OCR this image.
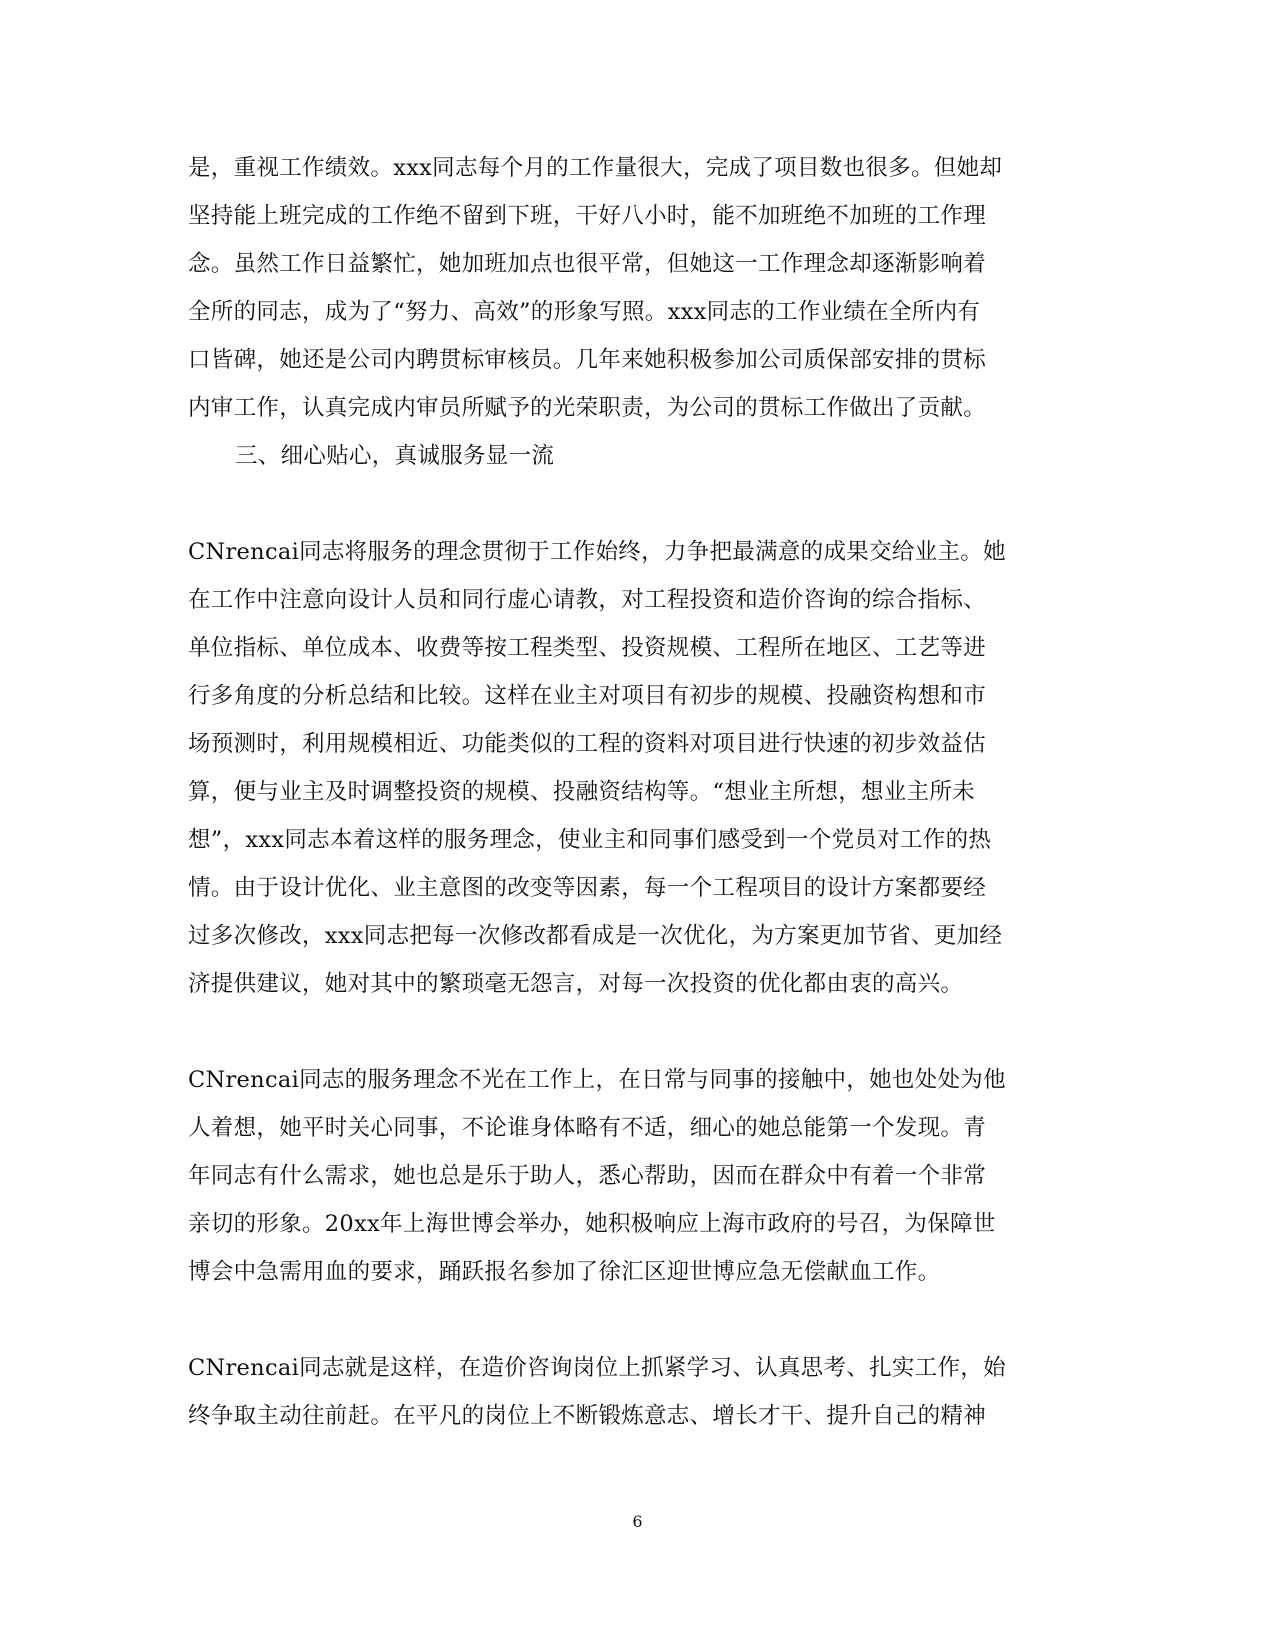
是，重视工作绩效。xxx同志每个月的工作量很大，完成了项目数也很多。但她却
坚持能上班完成的工作绝不留到下班，干好八小时，能不加班绝不加班的工作理
念。虽然工作日益繁忙，她加班加点也很平常，但她这一工作理念却逐渐影响着
全所的同志，成为了“努力、高效”的形象写照。xxx同志的工作业绩在全所内有
口皆碑，她还是公司内聘贯标审核员。几年来她积极参加公司质保部安排的贯标
内审工作，认真完成内审员所赋予的光荣职责，为公司的贯标工作做出了贡献。
三、细心贴心，真诚服务显一流
CNrencai同志将服务的理念贯彻于工作始终，力争把最满意的成果交给业主。她
在工作中注意向设计人员和同行虚心请教，对工程投资和造价咨询的综合指标、
单位指标、单位成本、收费等按工程类型、投资规模、工程所在地区、工艺等进
行多角度的分析总结和比较。这样在业主对项目有初步的规模、投融资构想和市
场预测时，利用规模相近、功能类似的工程的资料对项目进行快速的初步效益估
算，便与业主及时调整投资的规模、投融资结构等。“想业主所想，想业主所未
想”，xxx同志本着这样的服务理念，使业主和同事们感受到一个党员对工作的热
情。由于设计优化、业主意图的改变等因素，每一个工程项目的设计方案都要经
过多次修改，xxx同志把每一次修改都看成是一次优化，为方案更加节省、更加经
济提供建议，她对其中的繁琐毫无怨言，对每一次投资的优化都由衷的高兴。
CNrencai同志的服务理念不光在工作上，在日常与同事的接触中，她也处处为他
人着想，她平时关心同事，不论谁身体略有不适，细心的她总能第一个发现。青
年同志有什么需求，她也总是乐于助人，悉心帮助，因而在群众中有着一个非常
亲切的形象。20xx年上海世博会举办，她积极响应上海市政府的号召，为保障世
博会中急需用血的要求，踊跃报名参加了徐汇区迎世博应急无偿献血工作。
CNrencai同志就是这样，在造价咨询岗位上抓紧学习、认真思考、扎实工作，始
终争取主动往前赶。在平凡的岗位上不断锻炼意志、增长才干、提升自己的精神
6
